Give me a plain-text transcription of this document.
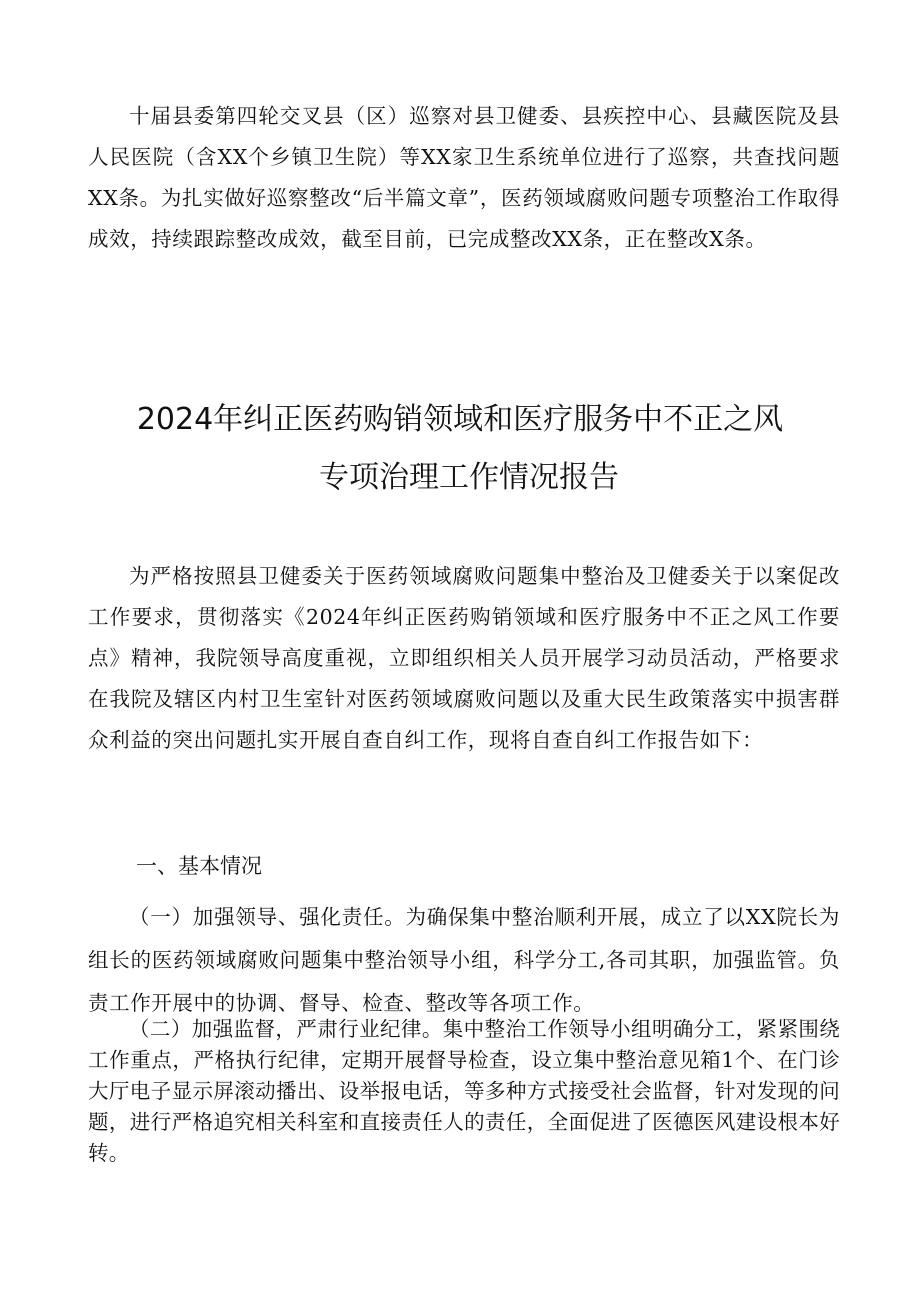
十届县委第四轮交叉县（区）巡察对县卫健委、县疾控中心、县藏医院及县人民医院（含XX个乡镇卫生院）等XX家卫生系统单位进行了巡察，共查找问题XX条。为扎实做好巡察整改“后半篇文章”，医药领域腐败问题专项整治工作取得成效，持续跟踪整改成效，截至目前，已完成整改XX条，正在整改X条。

2024年纠正医药购销领域和医疗服务中不正之风
专项治理工作情况报告

为严格按照县卫健委关于医药领域腐败问题集中整治及卫健委关于以案促改工作要求，贯彻落实《2024年纠正医药购销领域和医疗服务中不正之风工作要点》精神，我院领导高度重视，立即组织相关人员开展学习动员活动，严格要求在我院及辖区内村卫生室针对医药领域腐败问题以及重大民生政策落实中损害群众利益的突出问题扎实开展自查自纠工作，现将自查自纠工作报告如下：

一、基本情况

（一）加强领导、强化责任。为确保集中整治顺利开展，成立了以XX院长为组长的医药领域腐败问题集中整治领导小组，科学分工,各司其职，加强监管。负责工作开展中的协调、督导、检查、整改等各项工作。

（二）加强监督，严肃行业纪律。集中整治工作领导小组明确分工，紧紧围绕工作重点，严格执行纪律，定期开展督导检查，设立集中整治意见箱1个、在门诊大厅电子显示屏滚动播出、设举报电话，等多种方式接受社会监督，针对发现的问题，进行严格追究相关科室和直接责任人的责任，全面促进了医德医风建设根本好转。
